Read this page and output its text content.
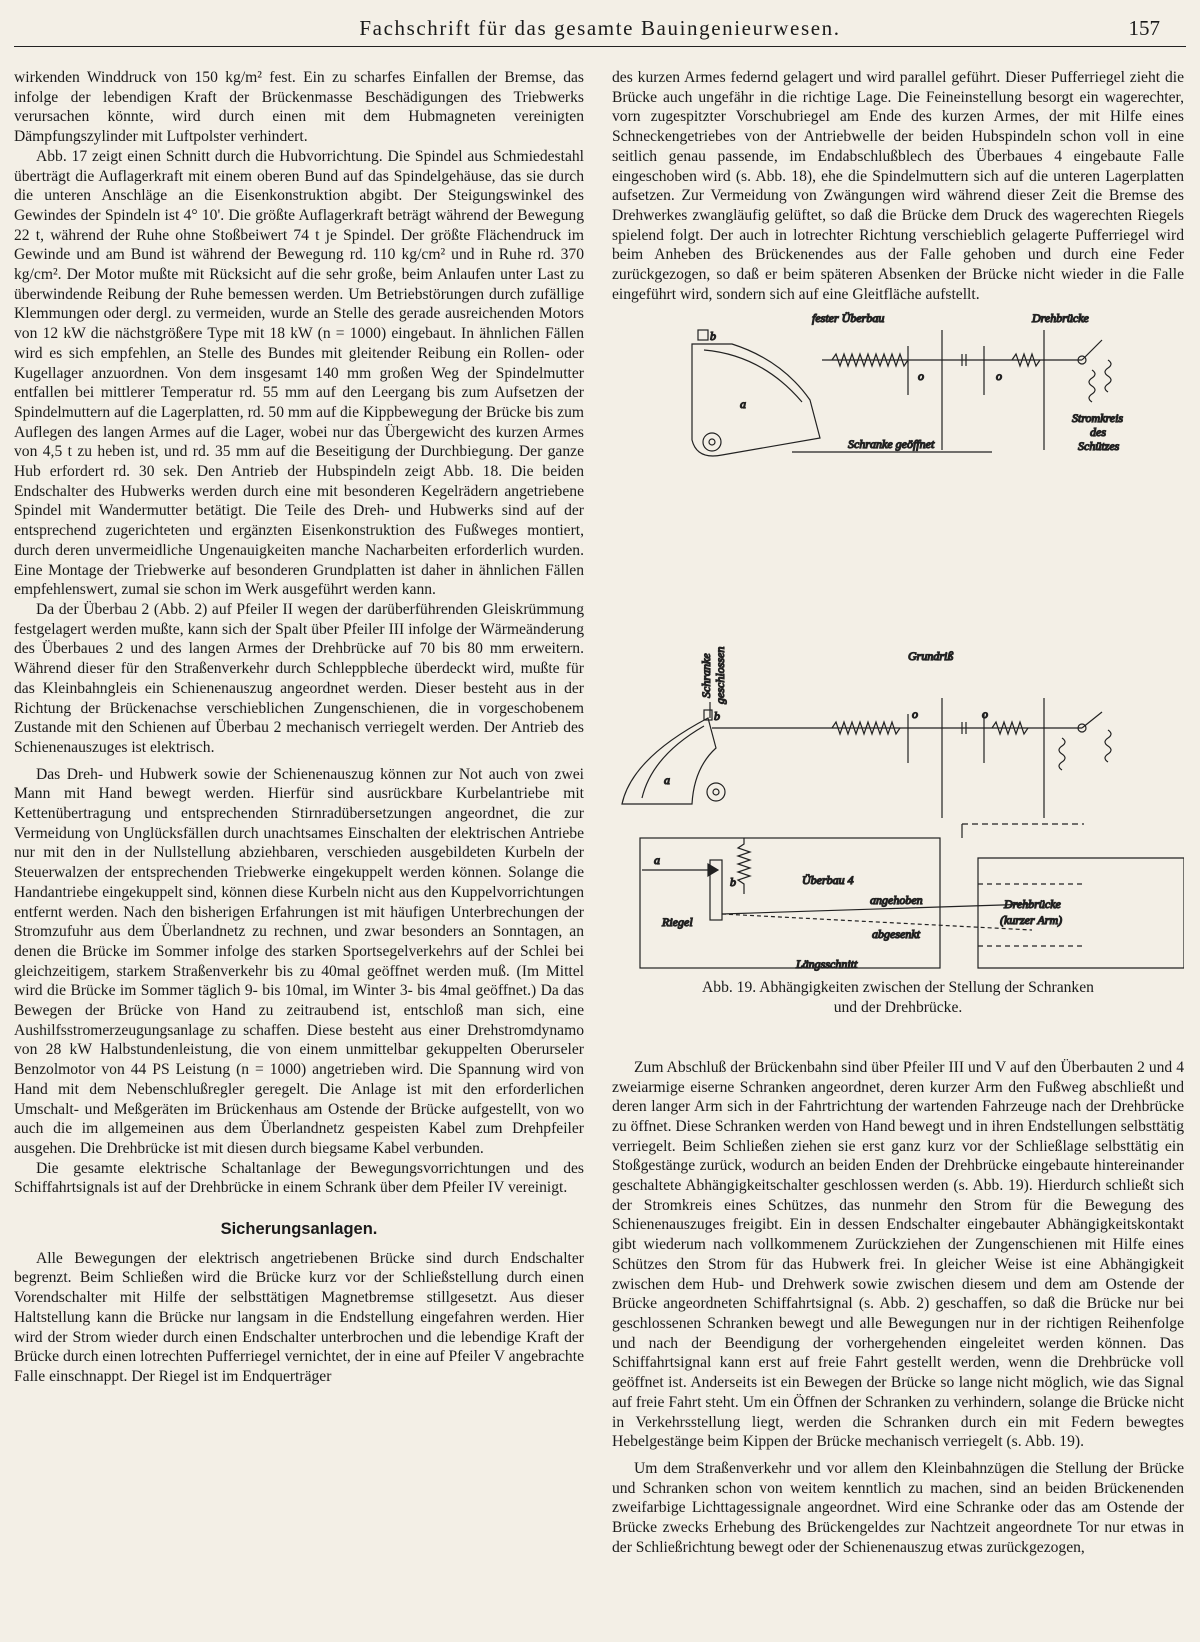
Fachschrift für das gesamte Bauingenieurwesen.	157

wirkenden Winddruck von 150 kg/m² fest. Ein zu scharfes Einfallen der Bremse, das infolge der lebendigen Kraft der Brückenmasse Beschädigungen des Triebwerks verursachen könnte, wird durch einen mit dem Hubmagneten vereinigten Dämpfungszylinder mit Luftpolster verhindert.

Abb. 17 zeigt einen Schnitt durch die Hubvorrichtung. Die Spindel aus Schmiedestahl überträgt die Auflagerkraft mit einem oberen Bund auf das Spindelgehäuse, das sie durch die unteren Anschläge an die Eisenkonstruktion abgibt. Der Steigungswinkel des Gewindes der Spindeln ist 4° 10'. Die größte Auflagerkraft beträgt während der Bewegung 22 t, während der Ruhe ohne Stoßbeiwert 74 t je Spindel. Der größte Flächendruck im Gewinde und am Bund ist während der Bewegung rd. 110 kg/cm² und in Ruhe rd. 370 kg/cm². Der Motor mußte mit Rücksicht auf die sehr große, beim Anlaufen unter Last zu überwindende Reibung der Ruhe bemessen werden. Um Betriebstörungen durch zufällige Klemmungen oder dergl. zu vermeiden, wurde an Stelle des gerade ausreichenden Motors von 12 kW die nächstgrößere Type mit 18 kW (n = 1000) eingebaut. In ähnlichen Fällen wird es sich empfehlen, an Stelle des Bundes mit gleitender Reibung ein Rollen- oder Kugellager anzuordnen. Von dem insgesamt 140 mm großen Weg der Spindelmutter entfallen bei mittlerer Temperatur rd. 55 mm auf den Leergang bis zum Aufsetzen der Spindelmuttern auf die Lagerplatten, rd. 50 mm auf die Kippbewegung der Brücke bis zum Auflegen des langen Armes auf die Lager, wobei nur das Übergewicht des kurzen Armes von 4,5 t zu heben ist, und rd. 35 mm auf die Beseitigung der Durchbiegung. Der ganze Hub erfordert rd. 30 sek. Den Antrieb der Hubspindeln zeigt Abb. 18. Die beiden Endschalter des Hubwerks werden durch eine mit besonderen Kegelrädern angetriebene Spindel mit Wandermutter betätigt. Die Teile des Dreh- und Hubwerks sind auf der entsprechend zugerichteten und ergänzten Eisenkonstruktion des Fußweges montiert, durch deren unvermeidliche Ungenauigkeiten manche Nacharbeiten erforderlich wurden. Eine Montage der Triebwerke auf besonderen Grundplatten ist daher in ähnlichen Fällen empfehlenswert, zumal sie schon im Werk ausgeführt werden kann.

Da der Überbau 2 (Abb. 2) auf Pfeiler II wegen der darüberführenden Gleiskrümmung festgelagert werden mußte, kann sich der Spalt über Pfeiler III infolge der Wärmeänderung des Überbaues 2 und des langen Armes der Drehbrücke auf 70 bis 80 mm erweitern. Während dieser für den Straßenverkehr durch Schleppbleche überdeckt wird, mußte für das Kleinbahngleis ein Schienenauszug angeordnet werden. Dieser besteht aus in der Richtung der Brückenachse verschieblichen Zungenschienen, die in vorgeschobenem Zustande mit den Schienen auf Überbau 2 mechanisch verriegelt werden. Der Antrieb des Schienenauszuges ist elektrisch.

Das Dreh- und Hubwerk sowie der Schienenauszug können zur Not auch von zwei Mann mit Hand bewegt werden. Hierfür sind ausrückbare Kurbelantriebe mit Kettenübertragung und entsprechenden Stirnradübersetzungen angeordnet, die zur Vermeidung von Unglücksfällen durch unachtsames Einschalten der elektrischen Antriebe nur mit den in der Nullstellung abziehbaren, verschieden ausgebildeten Kurbeln der Steuerwalzen der entsprechenden Triebwerke eingekuppelt werden können. Solange die Handantriebe eingekuppelt sind, können diese Kurbeln nicht aus den Kuppelvorrichtungen entfernt werden. Nach den bisherigen Erfahrungen ist mit häufigen Unterbrechungen der Stromzufuhr aus dem Überlandnetz zu rechnen, und zwar besonders an Sonntagen, an denen die Brücke im Sommer infolge des starken Sportsegelverkehrs auf der Schlei bei gleichzeitigem, starkem Straßenverkehr bis zu 40mal geöffnet werden muß. (Im Mittel wird die Brücke im Sommer täglich 9- bis 10mal, im Winter 3- bis 4mal geöffnet.) Da das Bewegen der Brücke von Hand zu zeitraubend ist, entschloß man sich, eine Aushilfsstromerzeugungsanlage zu schaffen. Diese besteht aus einer Drehstromdynamo von 28 kW Halbstundenleistung, die von einem unmittelbar gekuppelten Oberurseler Benzolmotor von 44 PS Leistung (n = 1000) angetrieben wird. Die Spannung wird von Hand mit dem Nebenschlußregler geregelt. Die Anlage ist mit den erforderlichen Umschalt- und Meßgeräten im Brückenhaus am Ostende der Brücke aufgestellt, von wo auch die im allgemeinen aus dem Überlandnetz gespeisten Kabel zum Drehpfeiler ausgehen. Die Drehbrücke ist mit diesen durch biegsame Kabel verbunden.

Die gesamte elektrische Schaltanlage der Bewegungsvorrichtungen und des Schiffahrtsignals ist auf der Drehbrücke in einem Schrank über dem Pfeiler IV vereinigt.

Sicherungsanlagen.

Alle Bewegungen der elektrisch angetriebenen Brücke sind durch Endschalter begrenzt. Beim Schließen wird die Brücke kurz vor der Schließstellung durch einen Vorendschalter mit Hilfe der selbsttätigen Magnetbremse stillgesetzt. Aus dieser Haltstellung kann die Brücke nur langsam in die Endstellung eingefahren werden. Hier wird der Strom wieder durch einen Endschalter unterbrochen und die lebendige Kraft der Brücke durch einen lotrechten Pufferriegel vernichtet, der in eine auf Pfeiler V angebrachte Falle einschnappt. Der Riegel ist im Endquerträger

des kurzen Armes federnd gelagert und wird parallel geführt. Dieser Pufferriegel zieht die Brücke auch ungefähr in die richtige Lage. Die Feineinstellung besorgt ein wagerechter, vorn zugespitzter Vorschubriegel am Ende des kurzen Armes, der mit Hilfe eines Schneckengetriebes von der Antriebwelle der beiden Hubspindeln schon voll in eine seitlich genau passende, im Endabschlußblech des Überbaues 4 eingebaute Falle eingeschoben wird (s. Abb. 18), ehe die Spindelmuttern sich auf die unteren Lagerplatten aufsetzen. Zur Vermeidung von Zwängungen wird während dieser Zeit die Bremse des Drehwerkes zwangläufig gelüftet, so daß die Brücke dem Druck des wagerechten Riegels spielend folgt. Der auch in lotrechter Richtung verschieblich gelagerte Pufferriegel wird beim Anheben des Brückenendes aus der Falle gehoben und durch eine Feder zurückgezogen, so daß er beim späteren Absenken der Brücke nicht wieder in die Falle eingeführt wird, sondern sich auf eine Gleitfläche aufstellt.

fester Überbau	Drehbrücke
b
a
o	o
Stromkreis
des
Schützes
Schranke geöffnet
Schranke geschlossen	Grundriß
b
a
o	o
a
b	Überbau 4
Riegel
angehoben
abgesenkt
Drehbrücke
(kurzer Arm)
Längsschnitt

Abb. 19. Abhängigkeiten zwischen der Stellung der Schranken

und der Drehbrücke.

Zum Abschluß der Brückenbahn sind über Pfeiler III und V auf den Überbauten 2 und 4 zweiarmige eiserne Schranken angeordnet, deren kurzer Arm den Fußweg abschließt und deren langer Arm sich in der Fahrtrichtung der wartenden Fahrzeuge nach der Drehbrücke zu öffnet. Diese Schranken werden von Hand bewegt und in ihren Endstellungen selbsttätig verriegelt. Beim Schließen ziehen sie erst ganz kurz vor der Schließlage selbsttätig ein Stoßgestänge zurück, wodurch an beiden Enden der Drehbrücke eingebaute hintereinander geschaltete Abhängigkeitschalter geschlossen werden (s. Abb. 19). Hierdurch schließt sich der Stromkreis eines Schützes, das nunmehr den Strom für die Bewegung des Schienenauszuges freigibt. Ein in dessen Endschalter eingebauter Abhängigkeitskontakt gibt wiederum nach vollkommenem Zurückziehen der Zungenschienen mit Hilfe eines Schützes den Strom für das Hubwerk frei. In gleicher Weise ist eine Abhängigkeit zwischen dem Hub- und Drehwerk sowie zwischen diesem und dem am Ostende der Brücke angeordneten Schiffahrtsignal (s. Abb. 2) geschaffen, so daß die Brücke nur bei geschlossenen Schranken bewegt und alle Bewegungen nur in der richtigen Reihenfolge und nach der Beendigung der vorhergehenden eingeleitet werden können. Das Schiffahrtsignal kann erst auf freie Fahrt gestellt werden, wenn die Drehbrücke voll geöffnet ist. Anderseits ist ein Bewegen der Brücke so lange nicht möglich, wie das Signal auf freie Fahrt steht. Um ein Öffnen der Schranken zu verhindern, solange die Brücke nicht in Verkehrsstellung liegt, werden die Schranken durch ein mit Federn bewegtes Hebelgestänge beim Kippen der Brücke mechanisch verriegelt (s. Abb. 19).

Um dem Straßenverkehr und vor allem den Kleinbahnzügen die Stellung der Brücke und Schranken schon von weitem kenntlich zu machen, sind an beiden Brückenenden zweifarbige Lichttagessignale angeordnet. Wird eine Schranke oder das am Ostende der Brücke zwecks Erhebung des Brückengeldes zur Nachtzeit angeordnete Tor nur etwas in der Schließrichtung bewegt oder der Schienenauszug etwas zurückgezogen,
